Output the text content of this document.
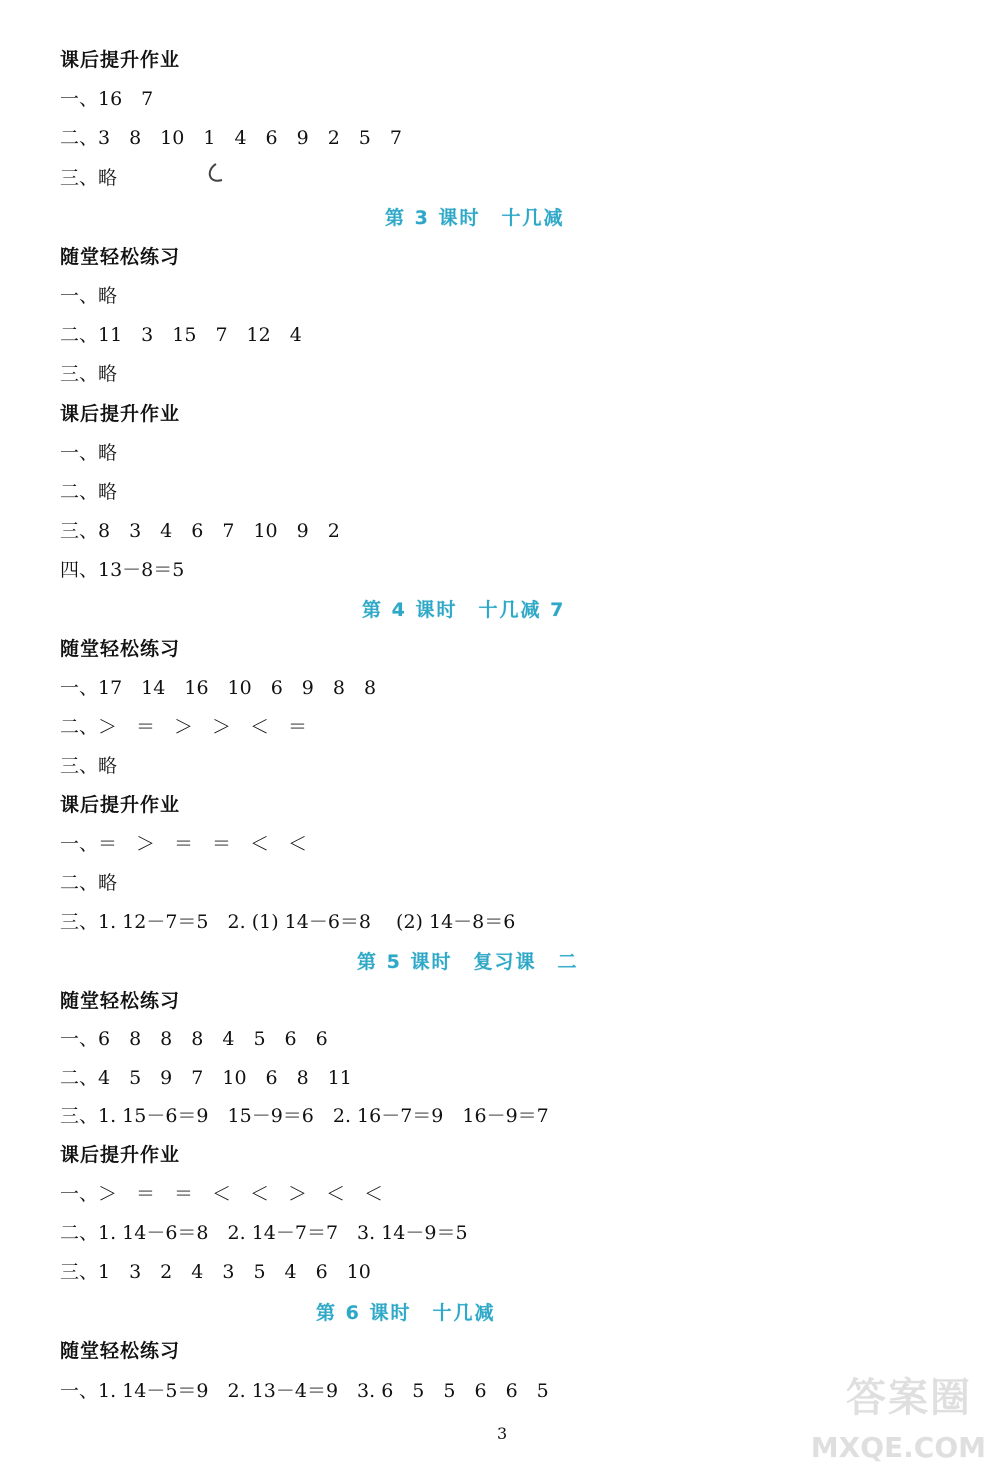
课后提升作业
一、16　7
二、3　8　10　1　4　6　9　2　5　7
三、略
第 3 课时　十几减
随堂轻松练习
一、略
二、11　3　15　7　12　4
三、略
课后提升作业
一、略
二、略
三、8　3　4　6　7　10　9　2
四、13－8＝5
第 4 课时　十几减 7
随堂轻松练习
一、17　14　16　10　6　9　8　8
二、＞　＝　＞　＞　＜　＝
三、略
课后提升作业
一、＝　＞　＝　＝　＜　＜
二、略
三、1. 12－7＝5　2. (1) 14－6＝8　 (2) 14－8＝6
第 5 课时　复习课　二
随堂轻松练习
一、6　8　8　8　4　5　6　6
二、4　5　9　7　10　6　8　11
三、1. 15－6＝9　15－9＝6　2. 16－7＝9　16－9＝7
课后提升作业
一、＞　＝　＝　＜　＜　＞　＜　＜
二、1. 14－6＝8　2. 14－7＝7　3. 14－9＝5
三、1　3　2　4　3　5　4　6　10
第 6 课时　十几减
随堂轻松练习
一、1. 14－5＝9　2. 13－4＝9　3. 6　5　5　6　6　5
3
答案圈
MXQE.COM
